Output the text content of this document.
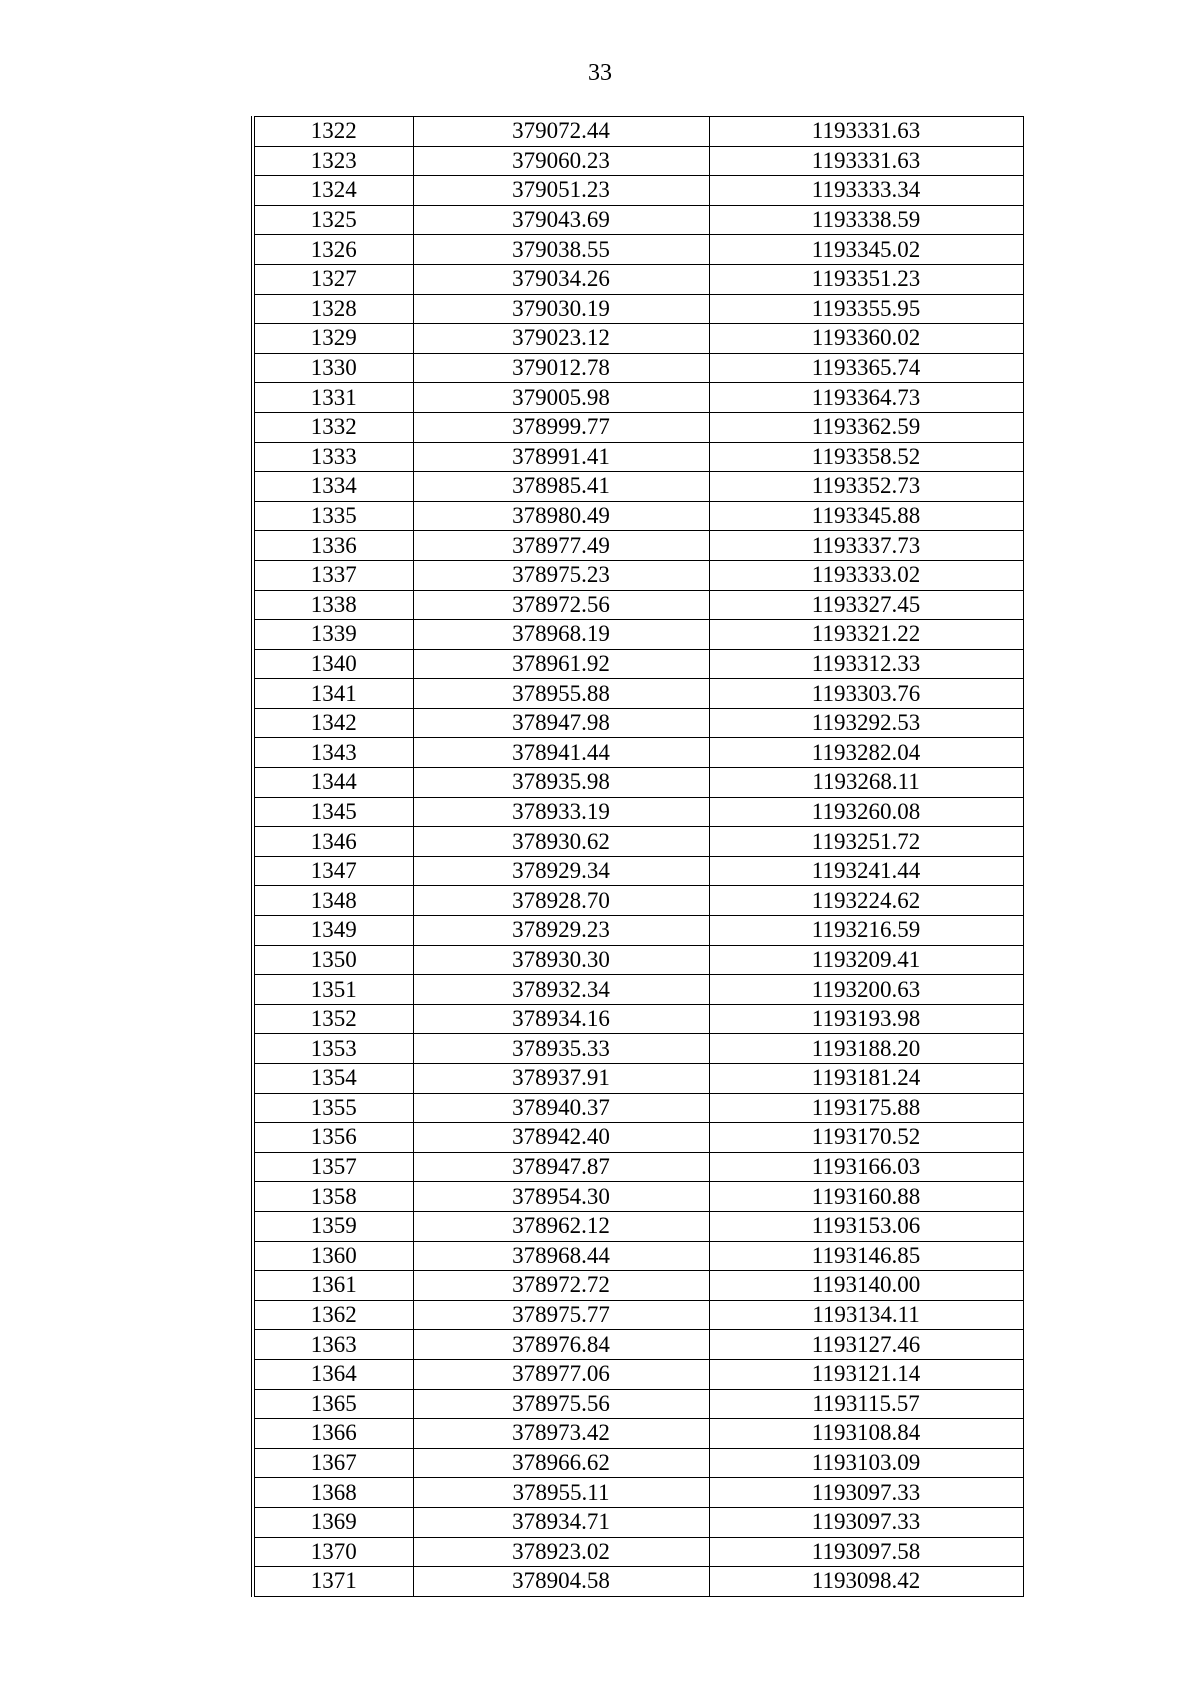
33
1322	379072.44	1193331.63
1323	379060.23	1193331.63
1324	379051.23	1193333.34
1325	379043.69	1193338.59
1326	379038.55	1193345.02
1327	379034.26	1193351.23
1328	379030.19	1193355.95
1329	379023.12	1193360.02
1330	379012.78	1193365.74
1331	379005.98	1193364.73
1332	378999.77	1193362.59
1333	378991.41	1193358.52
1334	378985.41	1193352.73
1335	378980.49	1193345.88
1336	378977.49	1193337.73
1337	378975.23	1193333.02
1338	378972.56	1193327.45
1339	378968.19	1193321.22
1340	378961.92	1193312.33
1341	378955.88	1193303.76
1342	378947.98	1193292.53
1343	378941.44	1193282.04
1344	378935.98	1193268.11
1345	378933.19	1193260.08
1346	378930.62	1193251.72
1347	378929.34	1193241.44
1348	378928.70	1193224.62
1349	378929.23	1193216.59
1350	378930.30	1193209.41
1351	378932.34	1193200.63
1352	378934.16	1193193.98
1353	378935.33	1193188.20
1354	378937.91	1193181.24
1355	378940.37	1193175.88
1356	378942.40	1193170.52
1357	378947.87	1193166.03
1358	378954.30	1193160.88
1359	378962.12	1193153.06
1360	378968.44	1193146.85
1361	378972.72	1193140.00
1362	378975.77	1193134.11
1363	378976.84	1193127.46
1364	378977.06	1193121.14
1365	378975.56	1193115.57
1366	378973.42	1193108.84
1367	378966.62	1193103.09
1368	378955.11	1193097.33
1369	378934.71	1193097.33
1370	378923.02	1193097.58
1371	378904.58	1193098.42
